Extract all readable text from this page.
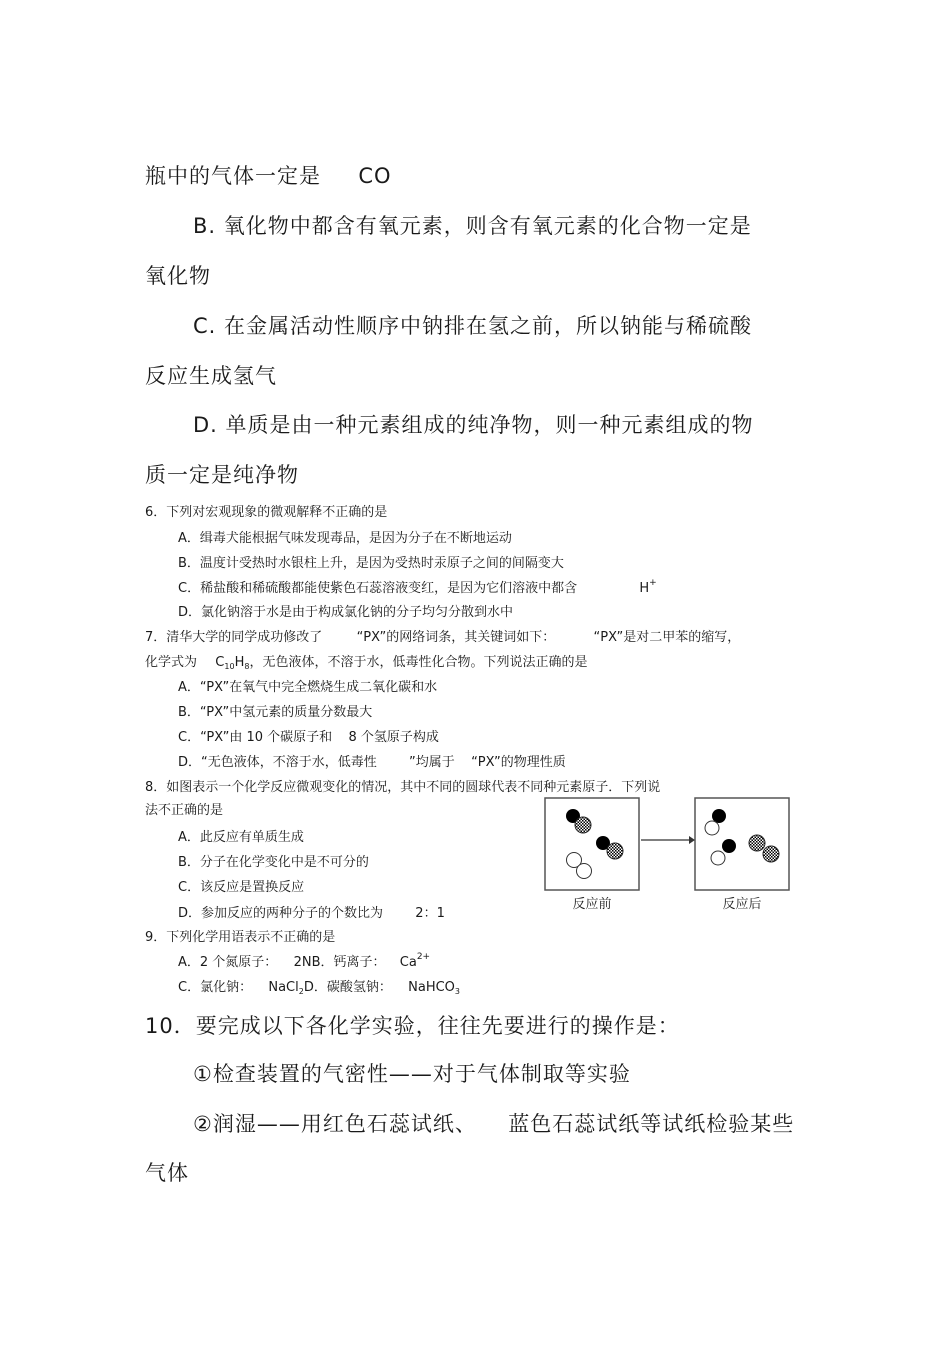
瓶中的气体一定是 CO
B. 氧化物中都含有氧元素，则含有氧元素的化合物一定是
氧化物
C. 在金属活动性顺序中钠排在氢之前，所以钠能与稀硫酸
反应生成氢气
D. 单质是由一种元素组成的纯净物，则一种元素组成的物
质一定是纯净物
6．下列对宏观现象的微观解释不正确的是
A．缉毒犬能根据气味发现毒品，是因为分子在不断地运动
B．温度计受热时水银柱上升，是因为受热时汞原子之间的间隔变大
C．稀盐酸和稀硫酸都能使紫色石蕊溶液变红，是因为它们溶液中都含	H+
D．氯化钠溶于水是由于构成氯化钠的分子均匀分散到水中
7．清华大学的同学成功修改了	“PX”的网络词条，其关键词如下：	“PX”是对二甲苯的缩写，
化学式为 $C_{10}H_8$，无色液体，不溶于水，低毒性化合物。下列说法正确的是
A．“PX”在氧气中完全燃烧生成二氧化碳和水
B．“PX”中氢元素的质量分数最大
C．“PX”由 10 个碳原子和 8 个氢原子构成
D．“无色液体，不溶于水，低毒性 ”均属于 “PX”的物理性质
8．如图表示一个化学反应微观变化的情况，其中不同的圆球代表不同种元素原子．下列说
法不正确的是
A．此反应有单质生成
B．分子在化学变化中是不可分的
C．该反应是置换反应
D．参加反应的两种分子的个数比为 2：1
反应前	反应后
9．下列化学用语表示不正确的是
A．2 个氮原子： 2NB．钙离子： $Ca^{2+}$
C．氯化钠： NaCl$_2$D．碳酸氢钠： NaHCO$_3$
10．要完成以下各化学实验，往往先要进行的操作是：
①检查装置的气密性——对于气体制取等实验
②润湿——用红色石蕊试纸、 蓝色石蕊试纸等试纸检验某些
气体
